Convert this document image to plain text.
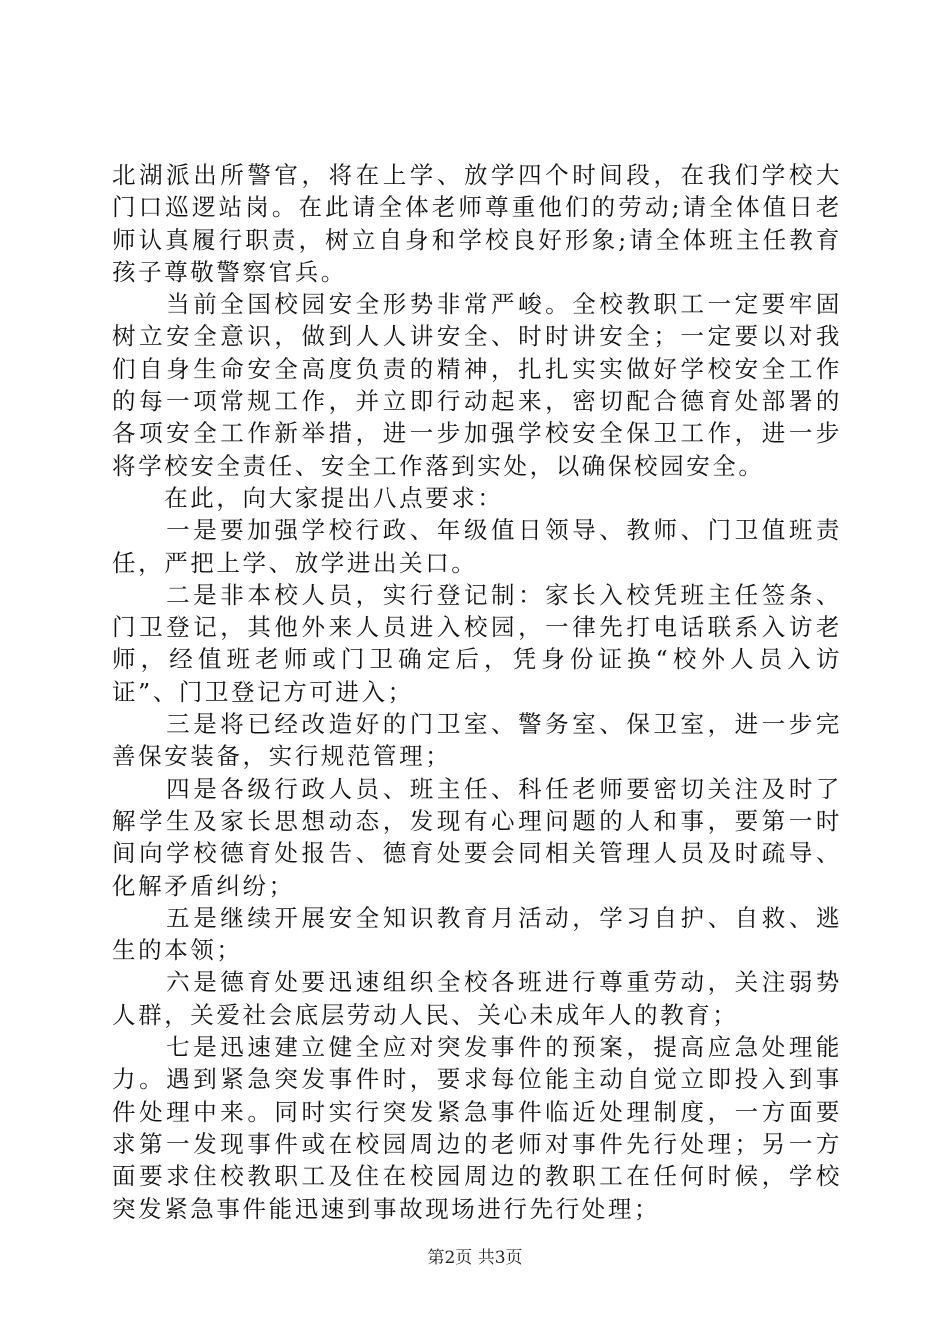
北湖派出所警官，将在上学、放学四个时间段，在我们学校大门口巡逻站岗。在此请全体老师尊重他们的劳动;请全体值日老师认真履行职责，树立自身和学校良好形象;请全体班主任教育孩子尊敬警察官兵。

　　当前全国校园安全形势非常严峻。全校教职工一定要牢固树立安全意识，做到人人讲安全、时时讲安全；一定要以对我们自身生命安全高度负责的精神，扎扎实实做好学校安全工作的每一项常规工作，并立即行动起来，密切配合德育处部署的各项安全工作新举措，进一步加强学校安全保卫工作，进一步将学校安全责任、安全工作落到实处，以确保校园安全。

　　在此，向大家提出八点要求：

　　一是要加强学校行政、年级值日领导、教师、门卫值班责任，严把上学、放学进出关口。

　　二是非本校人员，实行登记制：家长入校凭班主任签条、门卫登记，其他外来人员进入校园，一律先打电话联系入访老师，经值班老师或门卫确定后，凭身份证换“校外人员入访证”、门卫登记方可进入；

　　三是将已经改造好的门卫室、警务室、保卫室，进一步完善保安装备，实行规范管理；

　　四是各级行政人员、班主任、科任老师要密切关注及时了解学生及家长思想动态，发现有心理问题的人和事，要第一时间向学校德育处报告、德育处要会同相关管理人员及时疏导、化解矛盾纠纷；

　　五是继续开展安全知识教育月活动，学习自护、自救、逃生的本领；

　　六是德育处要迅速组织全校各班进行尊重劳动，关注弱势人群，关爱社会底层劳动人民、关心未成年人的教育；

　　七是迅速建立健全应对突发事件的预案，提高应急处理能力。遇到紧急突发事件时，要求每位能主动自觉立即投入到事件处理中来。同时实行突发紧急事件临近处理制度，一方面要求第一发现事件或在校园周边的老师对事件先行处理；另一方面要求住校教职工及住在校园周边的教职工在任何时候，学校突发紧急事件能迅速到事故现场进行先行处理；

第2页 共3页
